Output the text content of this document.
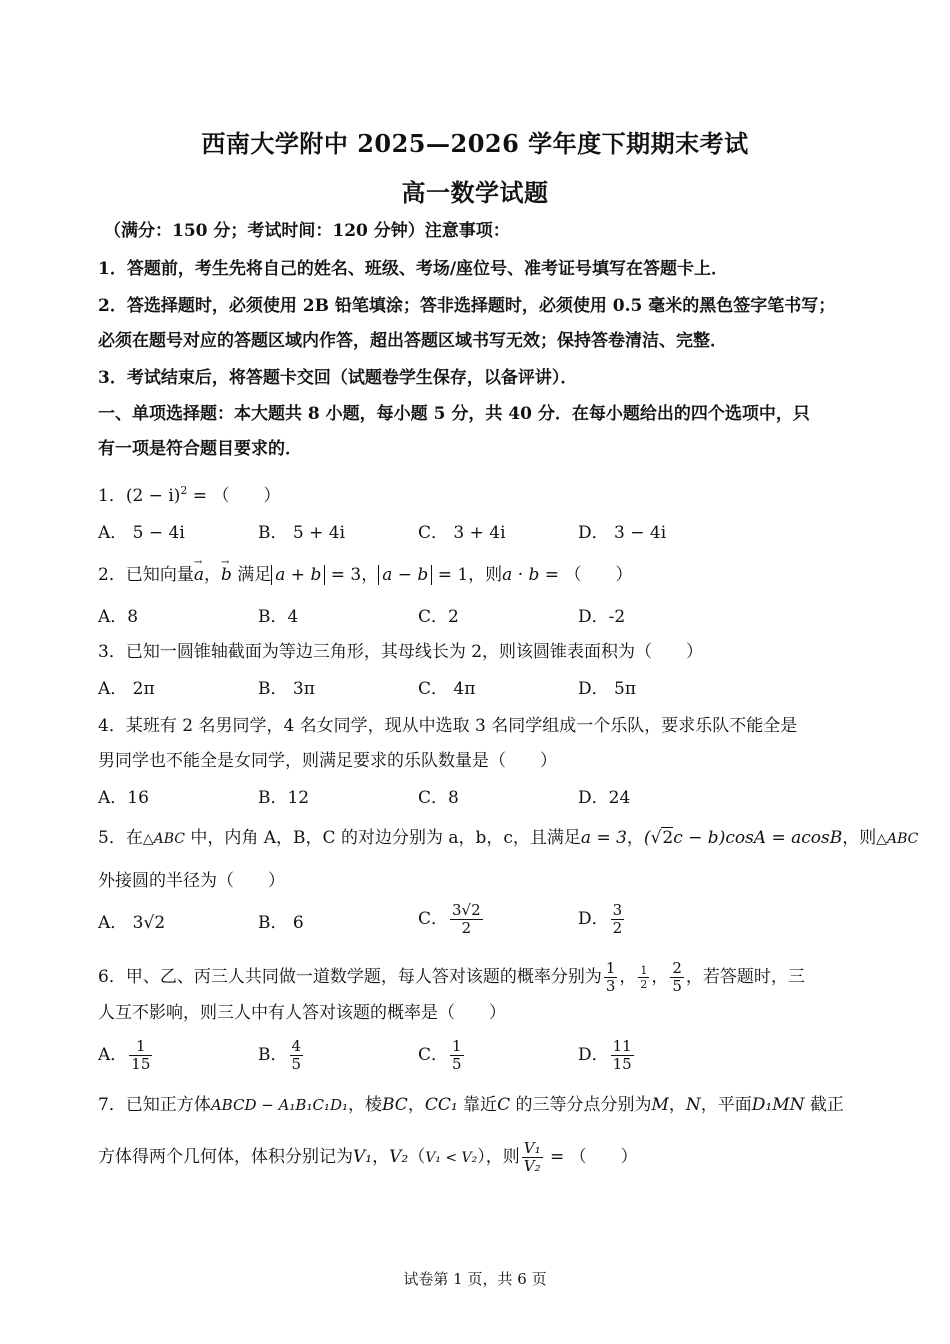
西南大学附中 2025—2026 学年度下期期末考试
高一数学试题
（满分：150 分；考试时间：120 分钟）注意事项：
1．答题前，考生先将自己的姓名、班级、考场/座位号、准考证号填写在答题卡上．
2．答选择题时，必须使用 2B 铅笔填涂；答非选择题时，必须使用 0.5 毫米的黑色签字笔书写；
必须在题号对应的答题区域内作答，超出答题区域书写无效；保持答卷清洁、完整．
3．考试结束后，将答题卡交回（试题卷学生保存，以备评讲）．
一、单项选择题：本大题共 8 小题，每小题 5 分，共 40 分．在每小题给出的四个选项中，只
有一项是符合题目要求的．
1．$(2 - i)^2$ = （　　）
A． 5 − 4i	B． 5 + 4i	C． 3 + 4i	D． 3 − 4i
2．已知向量→ a，→ b 满足 a + b = 3， a − b = 1，则a · b = （　　）
A．8	B．4	C．2	D．-2
3．已知一圆锥轴截面为等边三角形，其母线长为 2，则该圆锥表面积为（　　）
A． 2π	B． 3π	C． 4π	D． 5π
4．某班有 2 名男同学，4 名女同学，现从中选取 3 名同学组成一个乐队，要求乐队不能全是
男同学也不能全是女同学，则满足要求的乐队数量是（　　）
A．16	B．12	C．8	D．24
5．在△ABC 中，内角 A，B，C 的对边分别为 a，b，c，且满足a = 3，(√2c − b)cosA = acosB，则△ABC
外接圆的半径为（　　）
A． 3√2	B． 6	C． $\frac{3√2}{2}$	D． $\frac{3}{2}$
6．甲、乙、丙三人共同做一道数学题，每人答对该题的概率分别为 $\frac{1}{3}$ ， $\frac{1}{2}$ ， $\frac{2}{5}$ ，若答题时，三
人互不影响，则三人中有人答对该题的概率是（　　）
A． $\frac{1}{15}$	B． $\frac{4}{5}$	C． $\frac{1}{5}$	D． $\frac{11}{15}$
7．已知正方体ABCD − A₁B₁C₁D₁，棱BC，CC₁ 靠近C 的三等分点分别为M，N，平面D₁MN 截正
方体得两个几何体，体积分别记为V₁，V₂（V₁ < V₂），则 $\frac{\text{V₁}}{\text{V₂}}$ = （　　）
试卷第 1 页，共 6 页
